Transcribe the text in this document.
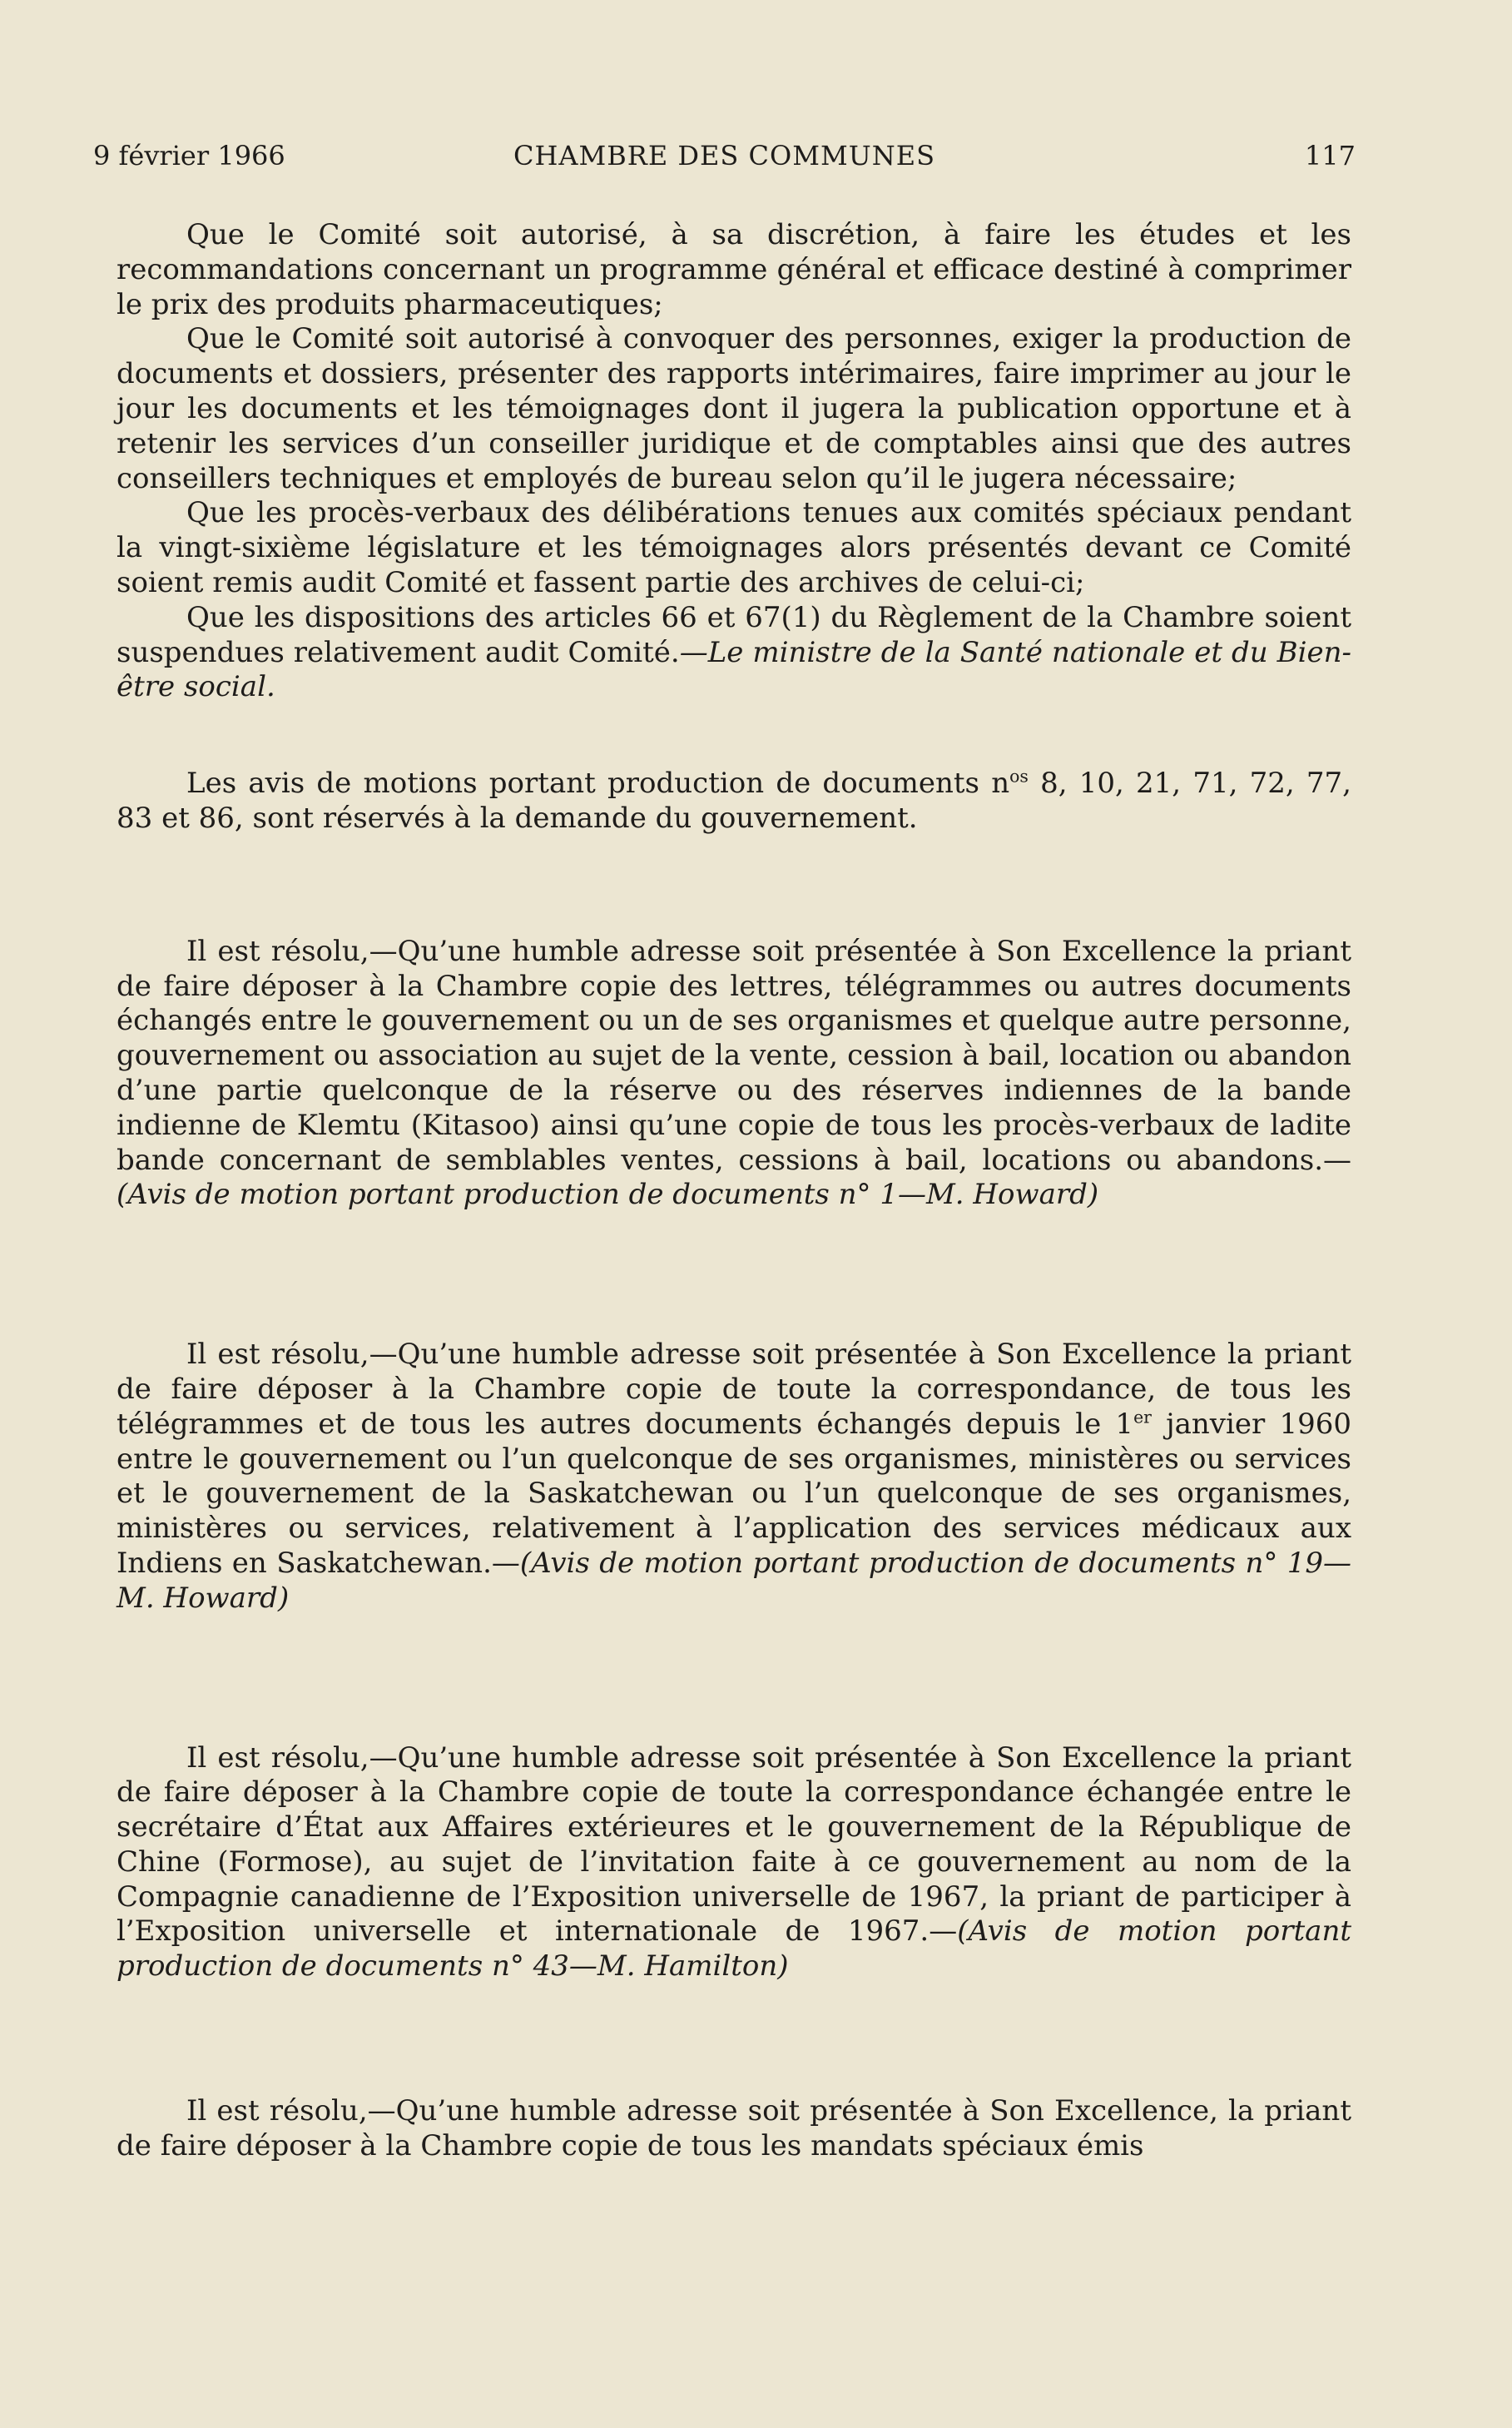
9 février 1966	CHAMBRE DES COMMUNES	117

Que le Comité soit autorisé, à sa discrétion, à faire les études et les recommandations concernant un programme général et efficace destiné à comprimer le prix des produits pharmaceutiques;

Que le Comité soit autorisé à convoquer des personnes, exiger la production de documents et dossiers, présenter des rapports intérimaires, faire imprimer au jour le jour les documents et les témoignages dont il jugera la publication opportune et à retenir les services d’un conseiller juridique et de comptables ainsi que des autres conseillers techniques et employés de bureau selon qu’il le jugera nécessaire;

Que les procès-verbaux des délibérations tenues aux comités spéciaux pendant la vingt-sixième législature et les témoignages alors présentés devant ce Comité soient remis audit Comité et fassent partie des archives de celui-ci;

Que les dispositions des articles 66 et 67(1) du Règlement de la Chambre soient suspendues relativement audit Comité.—Le ministre de la Santé nationale et du Bien-être social.

Les avis de motions portant production de documents $n^{os}$ 8, 10, 21, 71, 72, 77, 83 et 86, sont réservés à la demande du gouvernement.

Il est résolu,—Qu’une humble adresse soit présentée à Son Excellence la priant de faire déposer à la Chambre copie des lettres, télégrammes ou autres documents échangés entre le gouvernement ou un de ses organismes et quelque autre personne, gouvernement ou association au sujet de la vente, cession à bail, location ou abandon d’une partie quelconque de la réserve ou des réserves indiennes de la bande indienne de Klemtu (Kitasoo) ainsi qu’une copie de tous les procès-verbaux de ladite bande concernant de semblables ventes, cessions à bail, locations ou abandons.—(Avis de motion portant production de documents n° 1—M. Howard)

Il est résolu,—Qu’une humble adresse soit présentée à Son Excellence la priant de faire déposer à la Chambre copie de toute la correspondance, de tous les télégrammes et de tous les autres documents échangés depuis le 1er janvier 1960 entre le gouvernement ou l’un quelconque de ses organismes, ministères ou services et le gouvernement de la Saskatchewan ou l’un quelconque de ses organismes, ministères ou services, relativement à l’application des services médicaux aux Indiens en Saskatchewan.—(Avis de motion portant production de documents n° 19—M. Howard)

Il est résolu,—Qu’une humble adresse soit présentée à Son Excellence la priant de faire déposer à la Chambre copie de toute la correspondance échangée entre le secrétaire d’État aux Affaires extérieures et le gouvernement de la République de Chine (Formose), au sujet de l’invitation faite à ce gouvernement au nom de la Compagnie canadienne de l’Exposition universelle de 1967, la priant de participer à l’Exposition universelle et internationale de 1967.—(Avis de motion portant production de documents n° 43—M. Hamilton)

Il est résolu,—Qu’une humble adresse soit présentée à Son Excellence, la priant de faire déposer à la Chambre copie de tous les mandats spéciaux émis
